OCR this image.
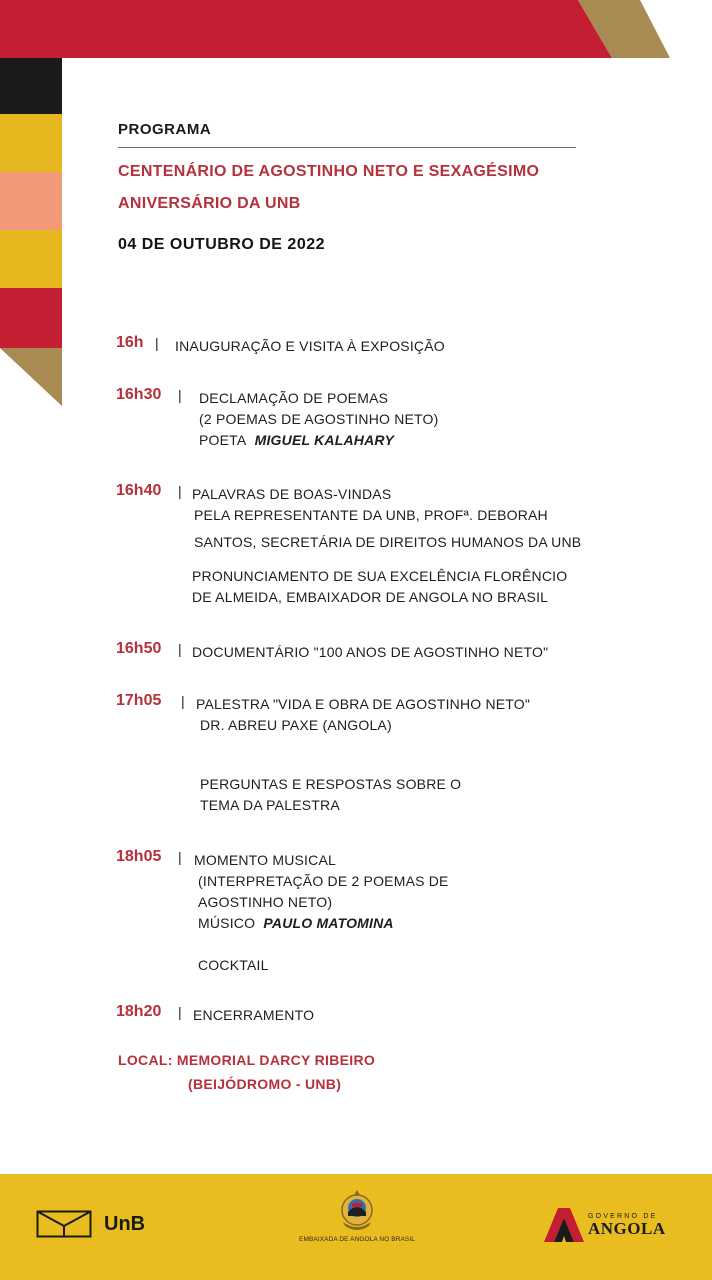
PROGRAMA
CENTENÁRIO DE AGOSTINHO NETO E SEXAGÉSIMO
ANIVERSÁRIO DA UNB
04 DE OUTUBRO DE 2022
16h | INAUGURAÇÃO E VISITA À EXPOSIÇÃO
16h30 | DECLAMAÇÃO DE POEMAS
(2 POEMAS DE AGOSTINHO NETO)
POETA MIGUEL KALAHARY
16h40 | PALAVRAS DE BOAS-VINDAS
PELA REPRESENTANTE DA UNB, PROFª. DEBORAH
SANTOS, SECRETÁRIA DE DIREITOS HUMANOS DA UNB
PRONUNCIAMENTO DE SUA EXCELÊNCIA FLORÊNCIO
DE ALMEIDA, EMBAIXADOR DE ANGOLA NO BRASIL
16h50 | DOCUMENTÁRIO "100 ANOS DE AGOSTINHO NETO"
17h05 | PALESTRA "VIDA E OBRA DE AGOSTINHO NETO"
DR. ABREU PAXE (ANGOLA)
PERGUNTAS E RESPOSTAS SOBRE O
TEMA DA PALESTRA
18h05 | MOMENTO MUSICAL
(INTERPRETAÇÃO DE 2 POEMAS DE
AGOSTINHO NETO)
MÚSICO PAULO MATOMINA
COCKTAIL
18h20 | ENCERRAMENTO
LOCAL: MEMORIAL DARCY RIBEIRO
(BEIJÓDROMO - UNB)
UnB
EMBAIXADA DE ANGOLA NO BRASIL
GOVERNO DE
ANGOLA
